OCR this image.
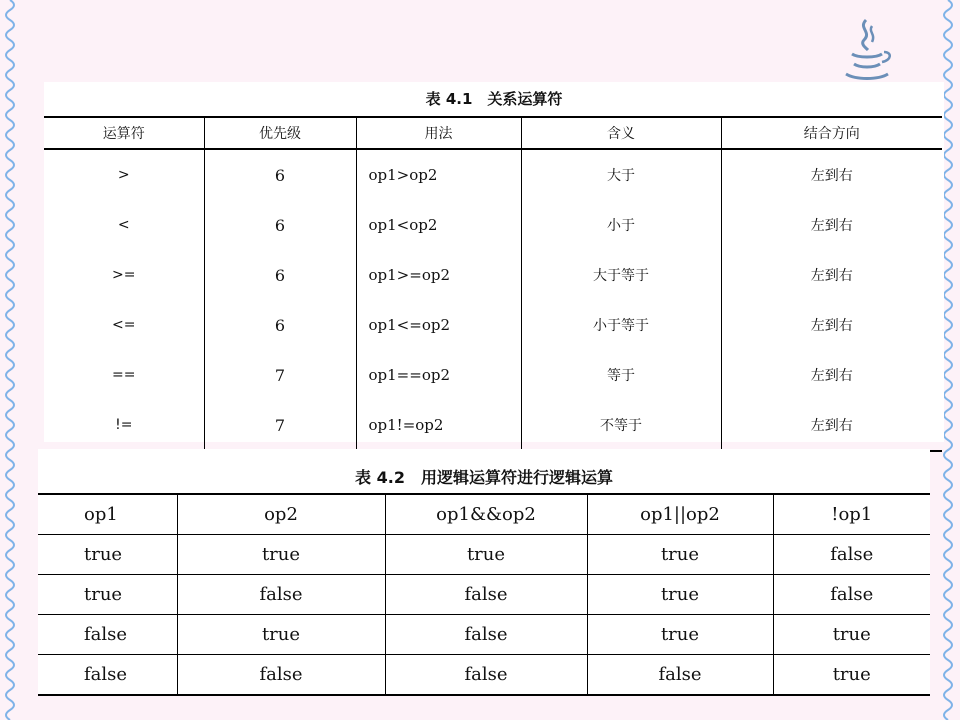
表 4.1　关系运算符
运算符	优先级	用法	含义	结合方向
>	6	op1>op2	大于	左到右
<	6	op1<op2	小于	左到右
>=	6	op1>=op2	大于等于	左到右
<=	6	op1<=op2	小于等于	左到右
==	7	op1==op2	等于	左到右
!=	7	op1!=op2	不等于	左到右
表 4.2　用逻辑运算符进行逻辑运算
op1	op2	op1&&op2	op1||op2	!op1
true	true	true	true	false
true	false	false	true	false
false	true	false	true	true
false	false	false	false	true
